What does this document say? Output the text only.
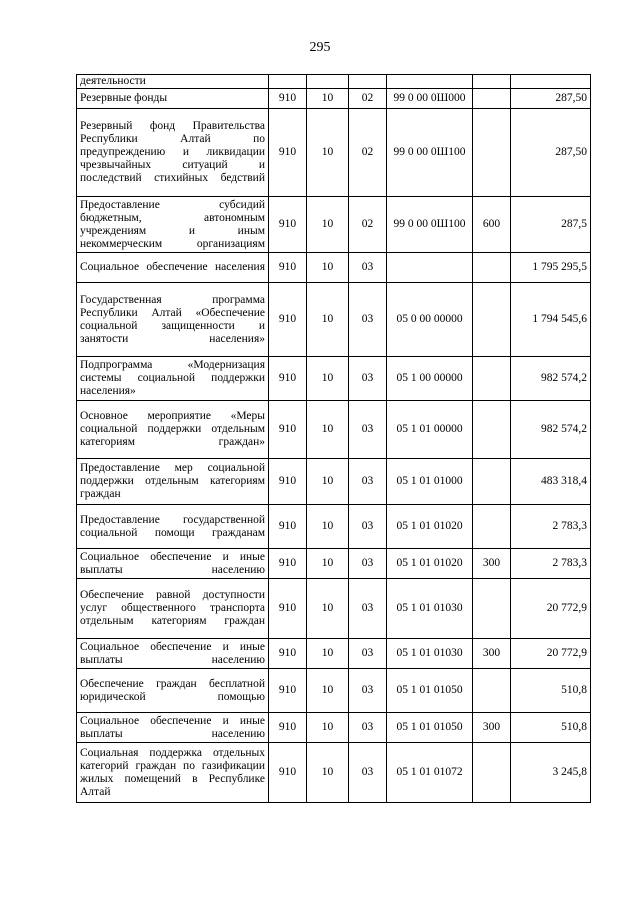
295
деятельности						
Резервные фонды	910	10	02	99 0 00 0Ш000		287,50
Резервный фонд Правительства Республики Алтай по предупреждению и ликвидации чрезвычайных ситуаций и последствий стихийных бедствий	910	10	02	99 0 00 0Ш100		287,50
Предоставление субсидий бюджетным, автономным учреждениям и иным некоммерческим организациям	910	10	02	99 0 00 0Ш100	600	287,5
Социальное обеспечение населения	910	10	03			1 795 295,5
Государственная программа Республики Алтай «Обеспечение социальной защищенности и занятости населения»	910	10	03	05 0 00 00000		1 794 545,6
Подпрограмма «Модернизация системы социальной поддержки населения»	910	10	03	05 1 00 00000		982 574,2
Основное мероприятие «Меры социальной поддержки отдельным категориям граждан»	910	10	03	05 1 01 00000		982 574,2
Предоставление мер социальной поддержки отдельным категориям граждан	910	10	03	05 1 01 01000		483 318,4
Предоставление государственной социальной помощи гражданам	910	10	03	05 1 01 01020		2 783,3
Социальное обеспечение и иные выплаты населению	910	10	03	05 1 01 01020	300	2 783,3
Обеспечение равной доступности услуг общественного транспорта отдельным категориям граждан	910	10	03	05 1 01 01030		20 772,9
Социальное обеспечение и иные выплаты населению	910	10	03	05 1 01 01030	300	20 772,9
Обеспечение граждан бесплатной юридической помощью	910	10	03	05 1 01 01050		510,8
Социальное обеспечение и иные выплаты населению	910	10	03	05 1 01 01050	300	510,8
Социальная поддержка отдельных категорий граждан по газификации жилых помещений в Республике Алтай	910	10	03	05 1 01 01072		3 245,8
